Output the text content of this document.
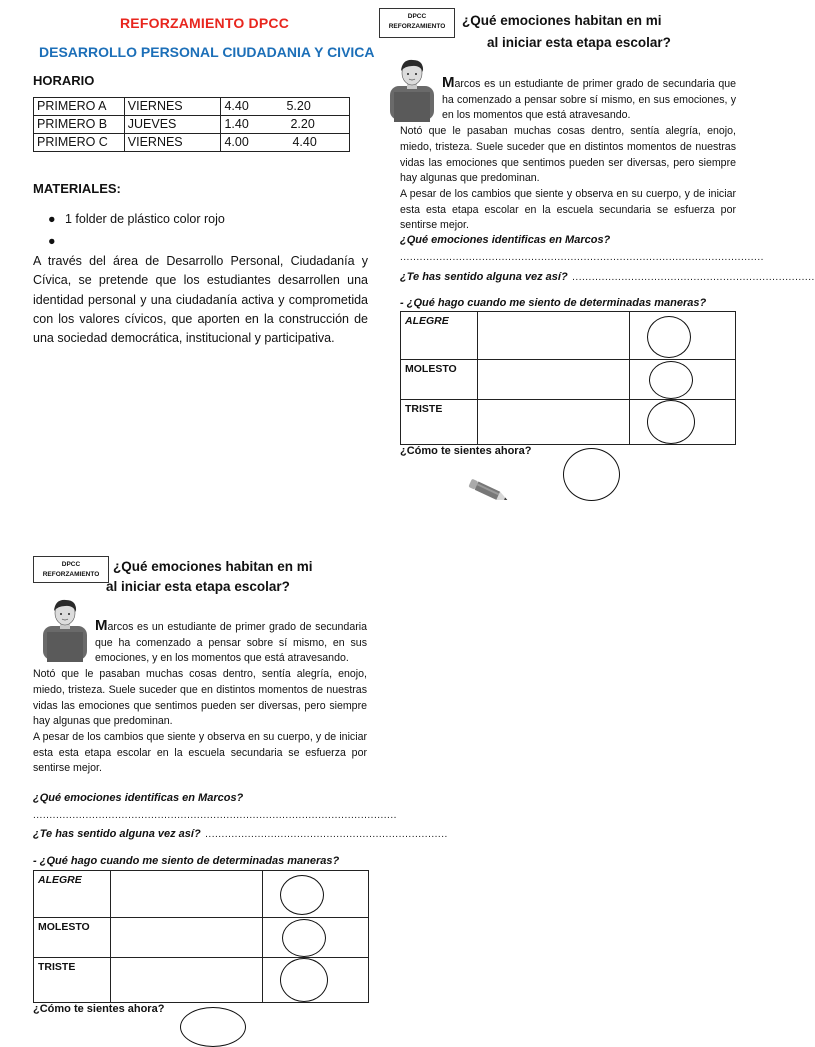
REFORZAMIENTO DPCC
DESARROLLO PERSONAL CIUDADANIA Y CIVICA
HORARIO
PRIMERO A	VIERNES	4.40 5.20
PRIMERO B	JUEVES	1.40 2.20
PRIMERO C	VIERNES	4.00 4.40
MATERIALES:
● 1 folder de plástico color rojo
●
A través del área de Desarrollo Personal, Ciudadanía y Cívica, se pretende que los estudiantes desarrollen una identidad personal y una ciudadanía activa y comprometida con los valores cívicos, que aporten en la construcción de una sociedad democrática, institucional y participativa.
DPCC
REFORZAMIENTO	¿Qué emociones habitan en mi
al iniciar esta etapa escolar?
Marcos es un estudiante de primer grado de secundaria que ha comenzado a pensar sobre sí mismo, en sus emociones, y en los momentos que está atravesando.
Notó que le pasaban muchas cosas dentro, sentía alegría, enojo, miedo, tristeza. Suele suceder que en distintos momentos de nuestras vidas las emociones que sentimos pueden ser diversas, pero siempre hay algunas que predominan.
A pesar de los cambios que siente y observa en su cuerpo, y de iniciar esta esta etapa escolar en la escuela secundaria se esfuerza por sentirse mejor.
¿Qué emociones identificas en Marcos?
...............................................................................................................
¿Te has sentido alguna vez así? ..........................................................................
- ¿Qué hago cuando me siento de determinadas maneras?
ALEGRE		

MOLESTO		

TRISTE		
¿Cómo te sientes ahora?
DPCC
REFORZAMIENTO
¿Qué emociones habitan en mi
al iniciar esta etapa escolar?
Marcos es un estudiante de primer grado de secundaria que ha comenzado a pensar sobre sí mismo, en sus emociones, y en los momentos que está atravesando.
Notó que le pasaban muchas cosas dentro, sentía alegría, enojo, miedo, tristeza. Suele suceder que en distintos momentos de nuestras vidas las emociones que sentimos pueden ser diversas, pero siempre hay algunas que predominan.
A pesar de los cambios que siente y observa en su cuerpo, y de iniciar esta esta etapa escolar en la escuela secundaria se esfuerza por sentirse mejor.
¿Qué emociones identificas en Marcos?
...............................................................................................................
¿Te has sentido alguna vez así? ..........................................................................
- ¿Qué hago cuando me siento de determinadas maneras?
ALEGRE		

MOLESTO		

TRISTE		
¿Cómo te sientes ahora?
